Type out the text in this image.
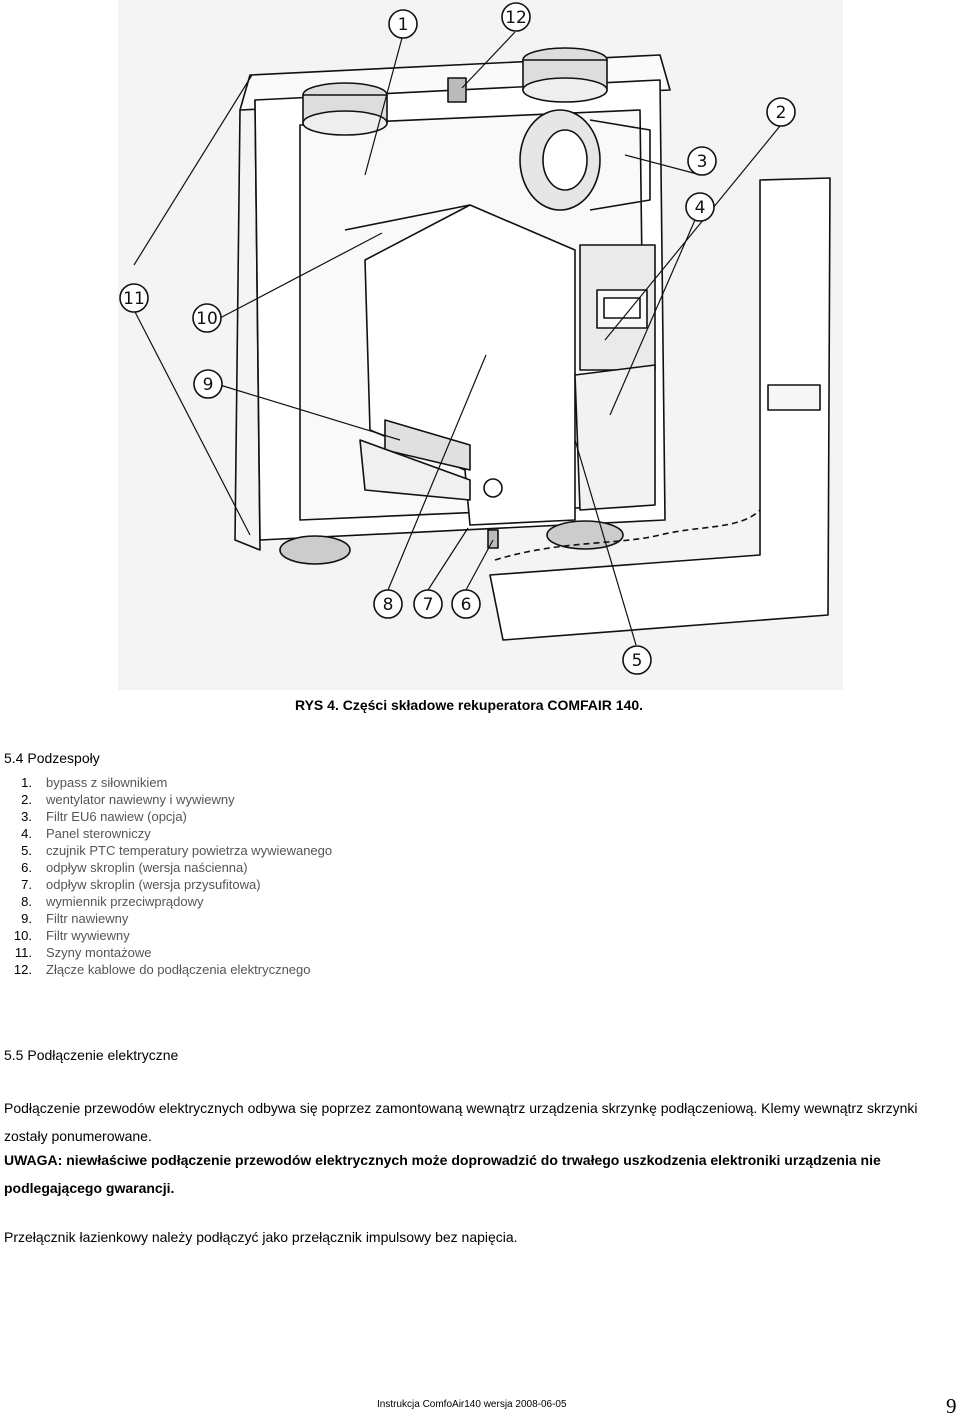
1
2
3
4
5
6
7
8
9
10
11
12
RYS 4. Części składowe rekuperatora COMFAIR 140.
5.4 Podzespoły
1. bypass z siłownikiem
2. wentylator nawiewny i wywiewny
3. Filtr EU6 nawiew (opcja)
4. Panel sterowniczy
5. czujnik PTC temperatury powietrza wywiewanego
6. odpływ skroplin (wersja naścienna)
7. odpływ skroplin (wersja przysufitowa)
8. wymiennik przeciwprądowy
9. Filtr nawiewny
10. Filtr wywiewny
11. Szyny montażowe
12. Złącze kablowe do podłączenia elektrycznego
5.5 Podłączenie elektryczne
Podłączenie przewodów elektrycznych odbywa się poprzez zamontowaną wewnątrz urządzenia skrzynkę podłączeniową. Klemy wewnątrz skrzynki zostały ponumerowane.
UWAGA: niewłaściwe podłączenie przewodów elektrycznych może doprowadzić do trwałego uszkodzenia elektroniki urządzenia nie podlegającego gwarancji.
Przełącznik łazienkowy należy podłączyć jako przełącznik impulsowy bez napięcia.
Instrukcja ComfoAir140 wersja 2008-06-05	9
